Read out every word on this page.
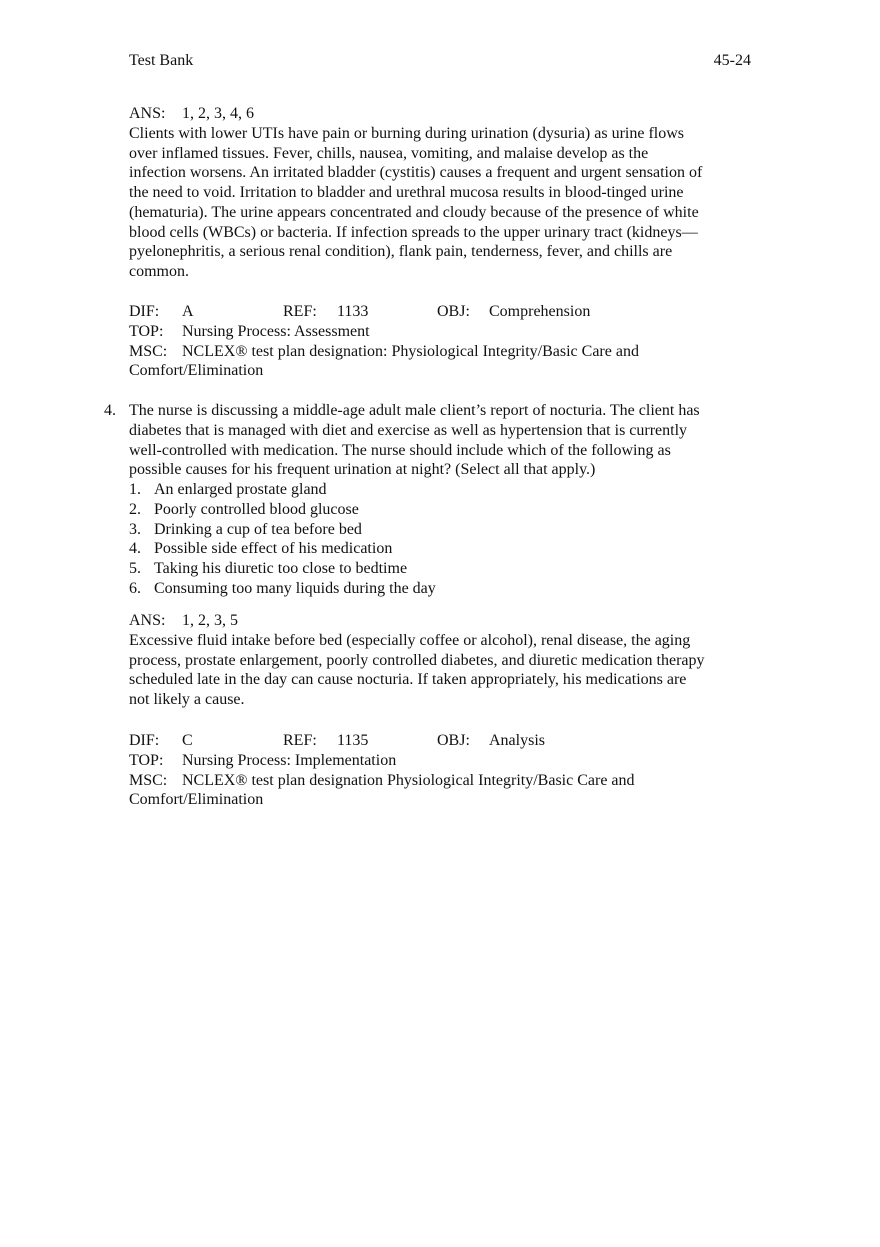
Test Bank	45-24
ANS: 1, 2, 3, 4, 6
Clients with lower UTIs have pain or burning during urination (dysuria) as urine flows
over inflamed tissues. Fever, chills, nausea, vomiting, and malaise develop as the
infection worsens. An irritated bladder (cystitis) causes a frequent and urgent sensation of
the need to void. Irritation to bladder and urethral mucosa results in blood-tinged urine
(hematuria). The urine appears concentrated and cloudy because of the presence of white
blood cells (WBCs) or bacteria. If infection spreads to the upper urinary tract (kidneys—
pyelonephritis, a serious renal condition), flank pain, tenderness, fever, and chills are
common.
DIF: A	REF: 1133	OBJ: Comprehension
TOP: Nursing Process: Assessment
MSC: NCLEX® test plan designation: Physiological Integrity/Basic Care and
Comfort/Elimination
4. The nurse is discussing a middle-age adult male client’s report of nocturia. The client has
diabetes that is managed with diet and exercise as well as hypertension that is currently
well-controlled with medication. The nurse should include which of the following as
possible causes for his frequent urination at night? (Select all that apply.)
1. An enlarged prostate gland
2. Poorly controlled blood glucose
3. Drinking a cup of tea before bed
4. Possible side effect of his medication
5. Taking his diuretic too close to bedtime
6. Consuming too many liquids during the day
ANS: 1, 2, 3, 5
Excessive fluid intake before bed (especially coffee or alcohol), renal disease, the aging
process, prostate enlargement, poorly controlled diabetes, and diuretic medication therapy
scheduled late in the day can cause nocturia. If taken appropriately, his medications are
not likely a cause.
DIF: C	REF: 1135	OBJ: Analysis
TOP: Nursing Process: Implementation
MSC: NCLEX® test plan designation Physiological Integrity/Basic Care and
Comfort/Elimination
